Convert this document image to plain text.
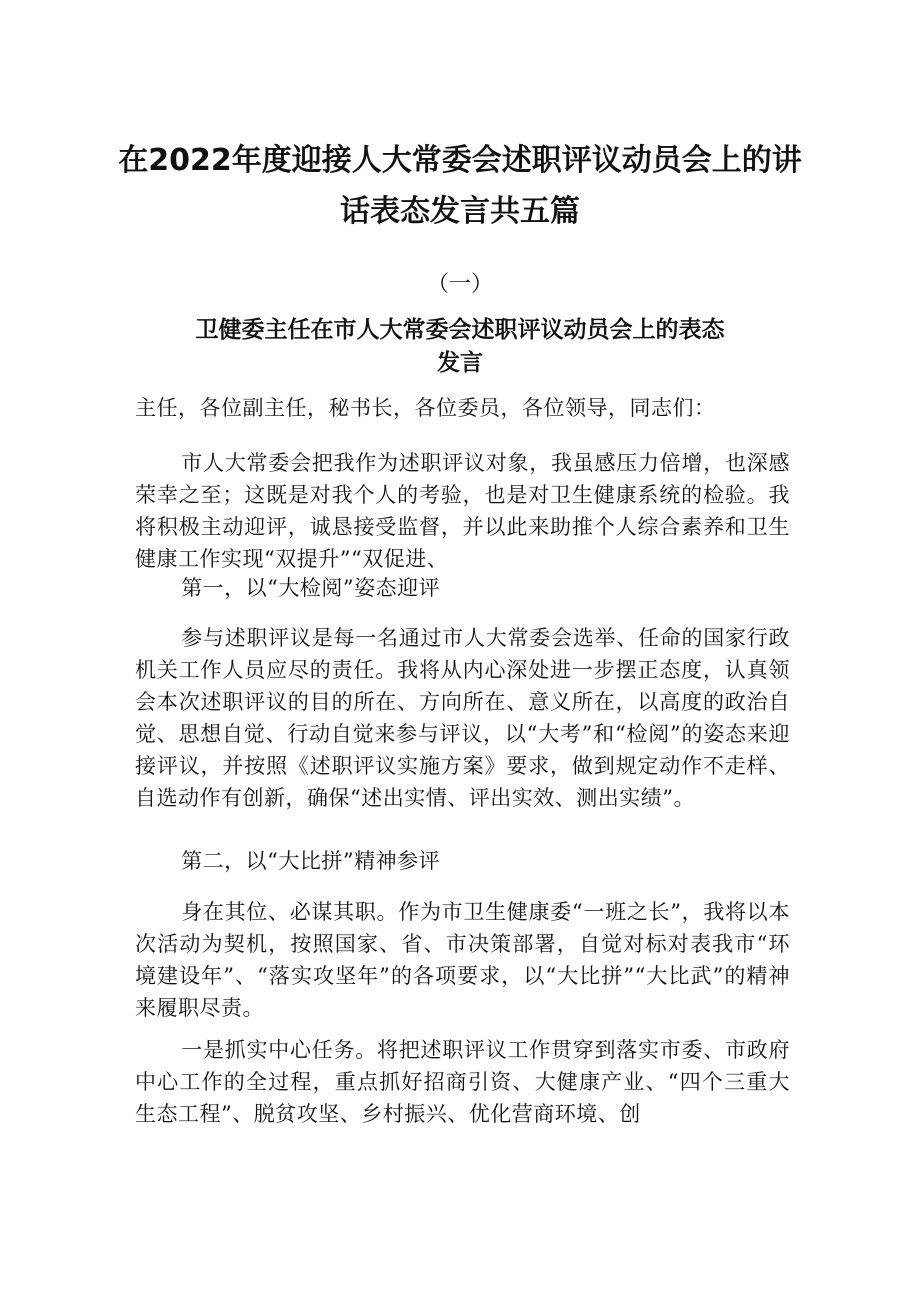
在2022年度迎接人大常委会述职评议动员会上的讲
话表态发言共五篇
（一）
卫健委主任在市人大常委会述职评议动员会上的表态
发言

主任，各位副主任，秘书长，各位委员，各位领导，同志们：

市人大常委会把我作为述职评议对象，我虽感压力倍增，也深感荣幸之至；这既是对我个人的考验，也是对卫生健康系统的检验。我将积极主动迎评，诚恳接受监督，并以此来助推个人综合素养和卫生健康工作实现“双提升”“双促进、

第一，以“大检阅”姿态迎评

参与述职评议是每一名通过市人大常委会选举、任命的国家行政机关工作人员应尽的责任。我将从内心深处进一步摆正态度，认真领会本次述职评议的目的所在、方向所在、意义所在，以高度的政治自觉、思想自觉、行动自觉来参与评议，以“大考”和“检阅”的姿态来迎接评议，并按照《述职评议实施方案》要求，做到规定动作不走样、自选动作有创新，确保“述出实情、评出实效、测出实绩”。

第二，以“大比拼”精神参评

身在其位、必谋其职。作为市卫生健康委“一班之长”，我将以本次活动为契机，按照国家、省、市决策部署，自觉对标对表我市“环境建设年”、“落实攻坚年”的各项要求，以“大比拼”“大比武”的精神来履职尽责。

一是抓实中心任务。将把述职评议工作贯穿到落实市委、市政府中心工作的全过程，重点抓好招商引资、大健康产业、“四个三重大生态工程”、脱贫攻坚、乡村振兴、优化营商环境、创
